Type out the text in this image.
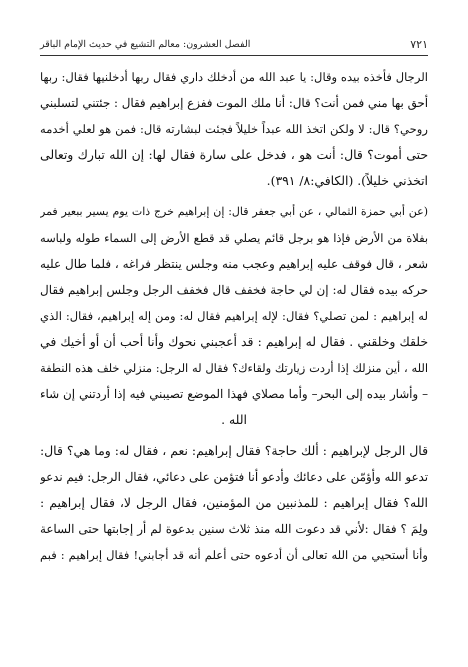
٧٢١
الفصل العشرون: معالم التشيع في حديث الإمام الباقر‍

الرجال فأخذه بيده وقال: يا عبد الله من أدخلك داري فقال ربها أدخلنيها فقال: ربها

أحق بها مني فمن أنت؟ قال: أنا ملك الموت ففزع إبراهيم فقال : جئتني لتسلبني

روحي؟ قال: لا ولكن اتخذ الله عبداً خليلاً فجئت لبشارته قال: فمن هو لعلي أخدمه

حتى أموت؟ قال: أنت هو ، فدخل على سارة فقال لها: إن الله تبارك وتعالى

اتخذني خليلاً). (الكافي:٨/ ٣٩١).

(عن أبي حمزة الثمالي ، عن أبي جعفر قال: إن إبراهيم خرج ذات يوم يسير ببعير فمر

بفلاة من الأرض فإذا هو برجل قائم يصلي قد قطع الأرض إلى السماء طوله ولباسه

شعر ، قال فوقف عليه إبراهيم وعجب منه وجلس ينتظر فراغه ، فلما طال عليه

حركه بيده فقال له: إن لي حاجة فخفف قال فخفف الرجل وجلس إبراهيم فقال

له إبراهيم : لمن تصلي؟ فقال: لإله إبراهيم فقال له: ومن إله إبراهيم، فقال: الذي

خلقك وخلقني . فقال له إبراهيم : قد أعجبني نحوك وأنا أحب أن أو أخيك في

الله ، أين منزلك إذا أردت زيارتك ولقاءك؟ فقال له الرجل: منزلي خلف هذه النطفة

– وأشار بيده إلى البحر– وأما مصلاي فهذا الموضع تصيبني فيه إذا أردتني إن شاء

الله .

قال الرجل لإبراهيم : ألك حاجة؟ فقال إبراهيم: نعم ، فقال له: وما هي؟ قال:

تدعو الله وأؤمّن على دعائك وأدعو أنا فتؤمن على دعائي، فقال الرجل: فيم ندعو

الله؟ فقال إبراهيم : للمذنبين من المؤمنين، فقال الرجل لا، فقال إبراهيم :

ولِمَ ؟ فقال :لأني قد دعوت الله منذ ثلاث سنين بدعوة لم أر إجابتها حتى الساعة

وأنا أستحيي من الله تعالى أن أدعوه حتى أعلم أنه قد أجابني! فقال إبراهيم : فبم
